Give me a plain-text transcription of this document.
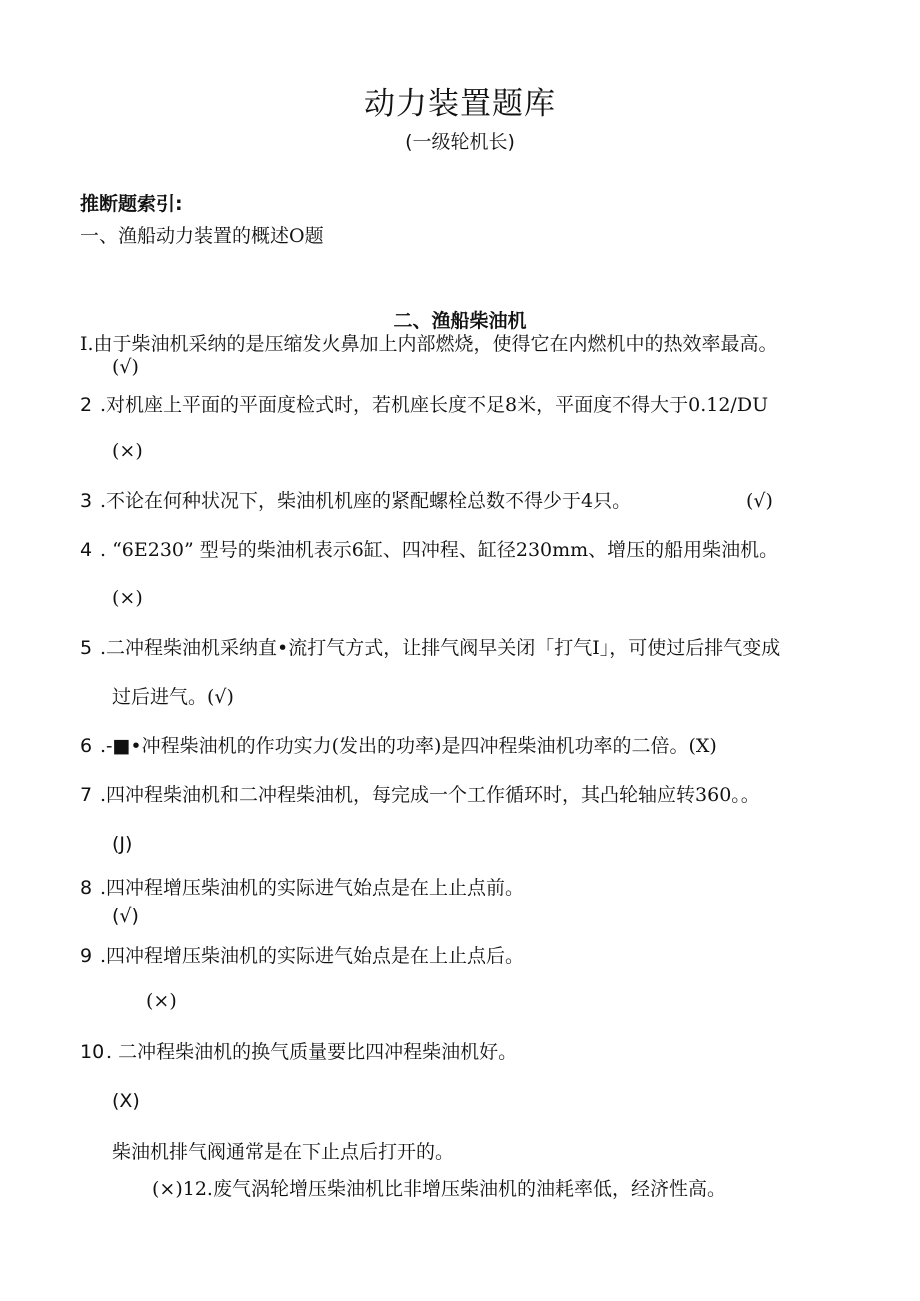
动力装置题库
(一级轮机长)
推断题索引:
一、渔船动力装置的概述O题
二、渔船柴油机
I.由于柴油机采纳的是压缩发火鼻加上内部燃烧，使得它在内燃机中的热效率最高。
(√)
2 .对机座上平面的平面度检式时，若机座长度不足8米，平面度不得大于0.12/DU
(×)
3 .不论在何种状况下，柴油机机座的紧配螺栓总数不得少于4只。	(√)
4 . “6E230” 型号的柴油机表示6缸、四冲程、缸径230mm、增压的船用柴油机。
(×)
5 .二冲程柴油机采纳直•流打气方式，让排气阀早关闭「打气I」，可使过后排气变成
过后进气。(√)
6 .-■•冲程柴油机的作功实力(发出的功率)是四冲程柴油机功率的二倍。(X)
7 .四冲程柴油机和二冲程柴油机，每完成一个工作循环时，其凸轮轴应转360。。
(J)
8 .四冲程增压柴油机的实际进气始点是在上止点前。
(√)
9 .四冲程增压柴油机的实际进气始点是在上止点后。
(×)
10 . 二冲程柴油机的换气质量要比四冲程柴油机好。
(X)
柴油机排气阀通常是在下止点后打开的。
(×)12.废气涡轮增压柴油机比非增压柴油机的油耗率低，经济性高。
